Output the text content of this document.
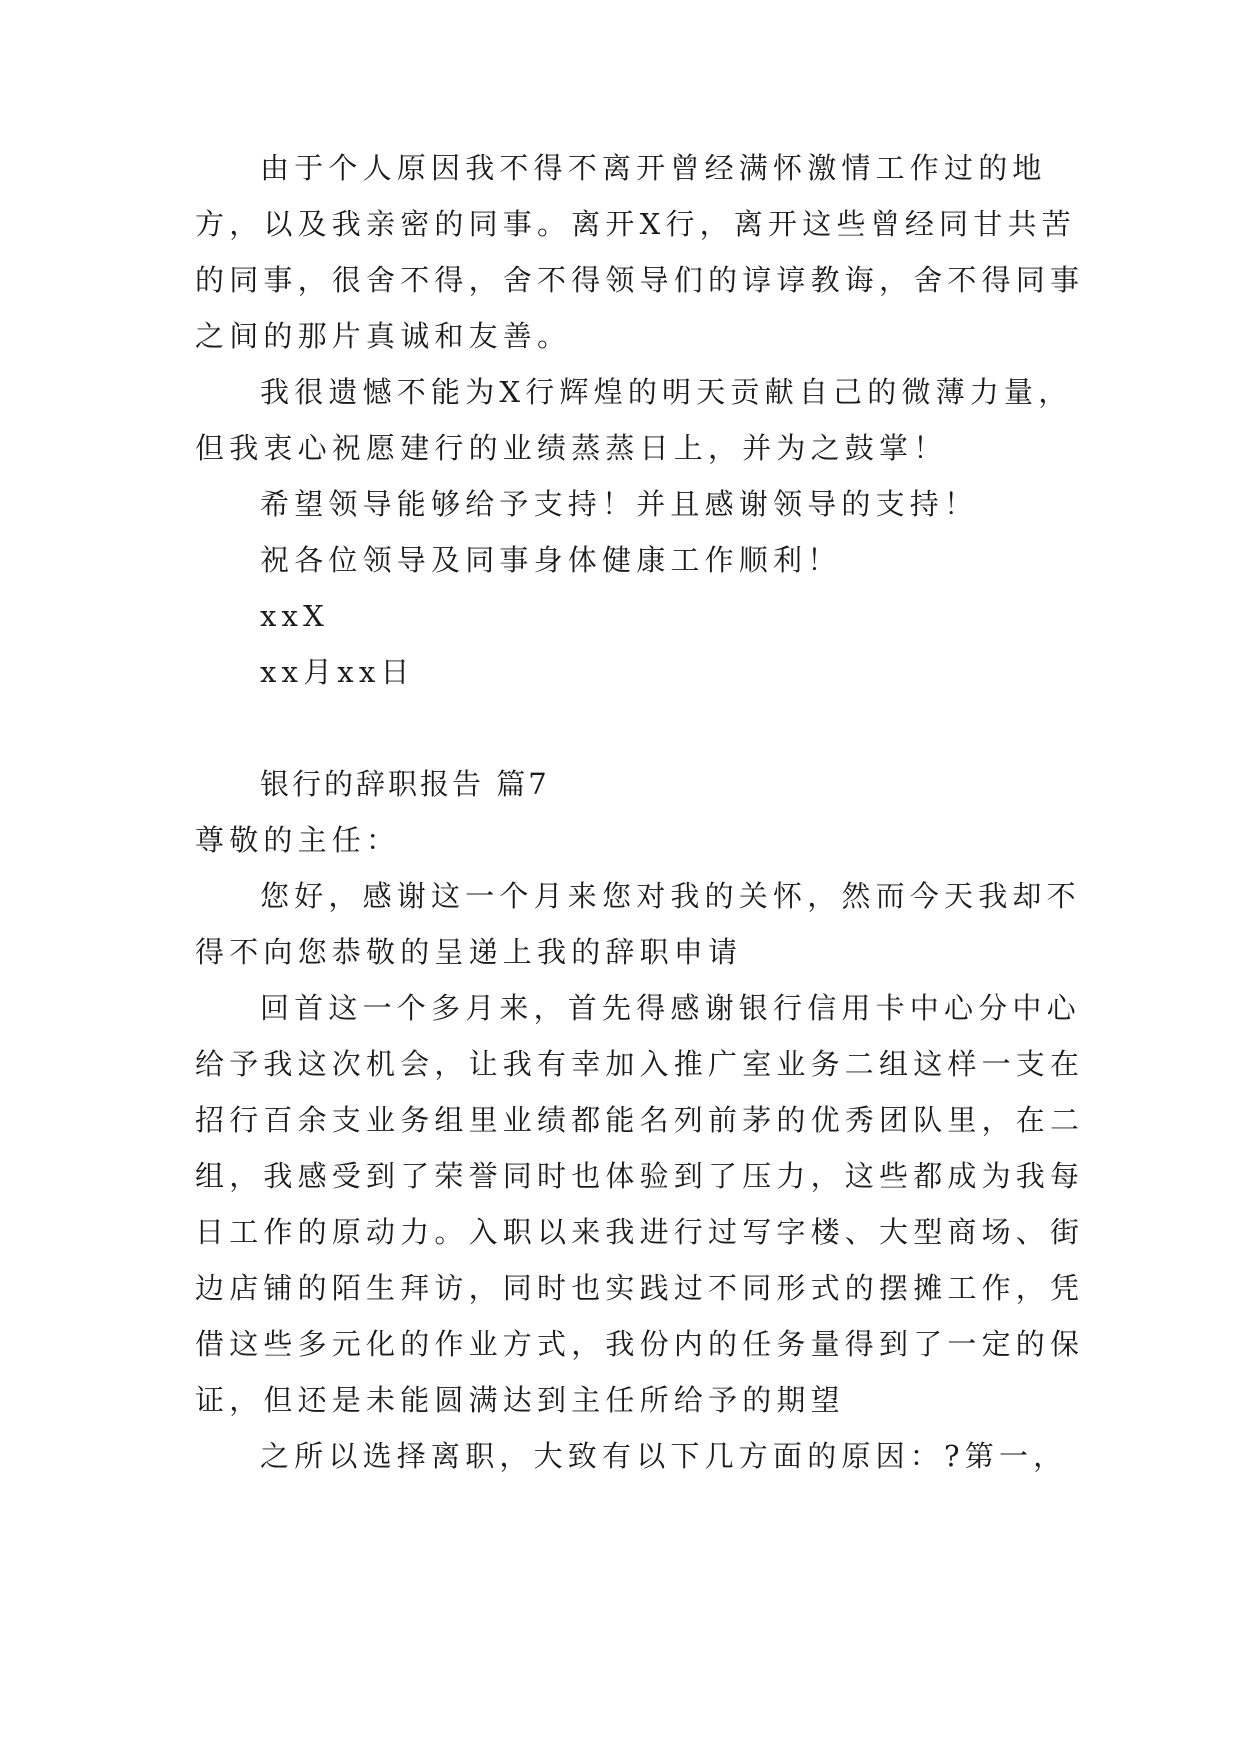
由于个人原因我不得不离开曾经满怀激情工作过的地
方，以及我亲密的同事。离开X行，离开这些曾经同甘共苦
的同事，很舍不得，舍不得领导们的谆谆教诲，舍不得同事
之间的那片真诚和友善。
我很遗憾不能为X行辉煌的明天贡献自己的微薄力量，
但我衷心祝愿建行的业绩蒸蒸日上，并为之鼓掌！
希望领导能够给予支持！并且感谢领导的支持！
祝各位领导及同事身体健康工作顺利！
xxX
xx月xx日
银行的辞职报告 篇7
尊敬的主任：
您好，感谢这一个月来您对我的关怀，然而今天我却不
得不向您恭敬的呈递上我的辞职申请
回首这一个多月来，首先得感谢银行信用卡中心分中心
给予我这次机会，让我有幸加入推广室业务二组这样一支在
招行百余支业务组里业绩都能名列前茅的优秀团队里，在二
组，我感受到了荣誉同时也体验到了压力，这些都成为我每
日工作的原动力。入职以来我进行过写字楼、大型商场、街
边店铺的陌生拜访，同时也实践过不同形式的摆摊工作，凭
借这些多元化的作业方式，我份内的任务量得到了一定的保
证，但还是未能圆满达到主任所给予的期望
之所以选择离职，大致有以下几方面的原因：?第一，
